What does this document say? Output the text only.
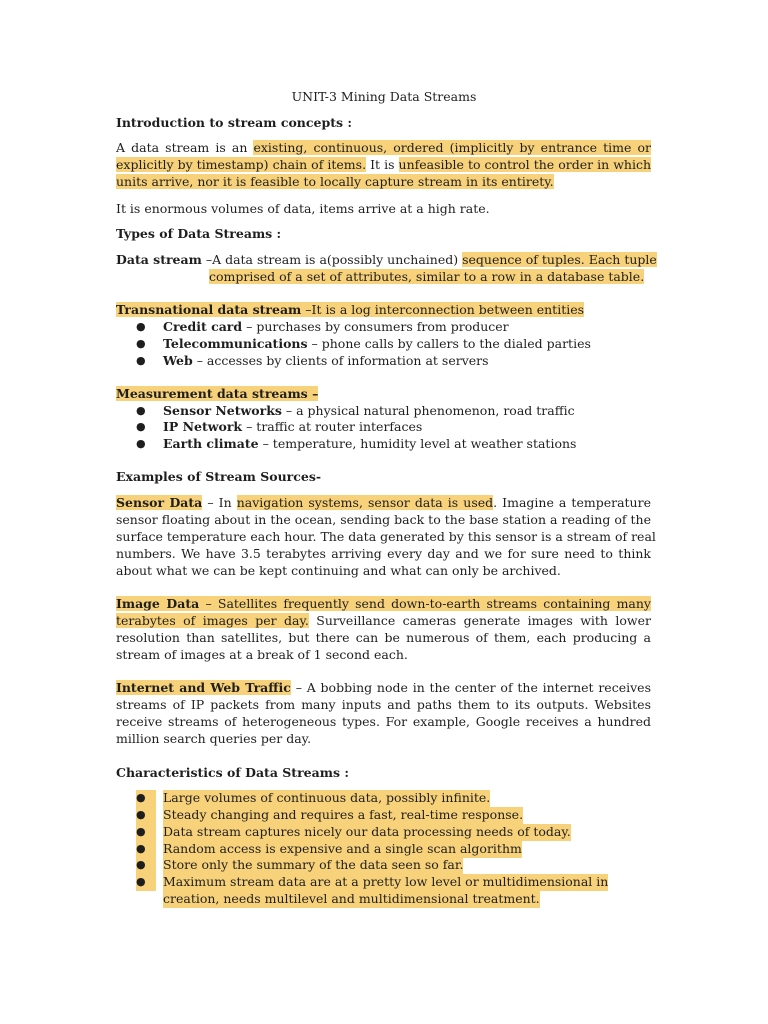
UNIT-3 Mining Data Streams
Introduction to stream concepts :
A data stream is an existing, continuous, ordered (implicitly by entrance time or
explicitly by timestamp) chain of items. It is unfeasible to control the order in which
units arrive, nor it is feasible to locally capture stream in its entirety.
It is enormous volumes of data, items arrive at a high rate.
Types of Data Streams :
Data stream –A data stream is a(possibly unchained) sequence of tuples. Each tuple
comprised of a set of attributes, similar to a row in a database table.
Transnational data stream –It is a log interconnection between entities
●	Credit card – purchases by consumers from producer
●	Telecommunications – phone calls by callers to the dialed parties
●	Web – accesses by clients of information at servers
Measurement data streams –
●	Sensor Networks – a physical natural phenomenon, road traffic
●	IP Network – traffic at router interfaces
●	Earth climate – temperature, humidity level at weather stations
Examples of Stream Sources-
Sensor Data – In navigation systems, sensor data is used. Imagine a temperature
sensor floating about in the ocean, sending back to the base station a reading of the
surface temperature each hour. The data generated by this sensor is a stream of real
numbers. We have 3.5 terabytes arriving every day and we for sure need to think
about what we can be kept continuing and what can only be archived.
Image Data – Satellites frequently send down-to-earth streams containing many
terabytes of images per day. Surveillance cameras generate images with lower
resolution than satellites, but there can be numerous of them, each producing a
stream of images at a break of 1 second each.
Internet and Web Traffic – A bobbing node in the center of the internet receives
streams of IP packets from many inputs and paths them to its outputs. Websites
receive streams of heterogeneous types. For example, Google receives a hundred
million search queries per day.
Characteristics of Data Streams :
●	Large volumes of continuous data, possibly infinite.
●	Steady changing and requires a fast, real-time response.
●	Data stream captures nicely our data processing needs of today.
●	Random access is expensive and a single scan algorithm
●	Store only the summary of the data seen so far.
●	Maximum stream data are at a pretty low level or multidimensional in
creation, needs multilevel and multidimensional treatment.
